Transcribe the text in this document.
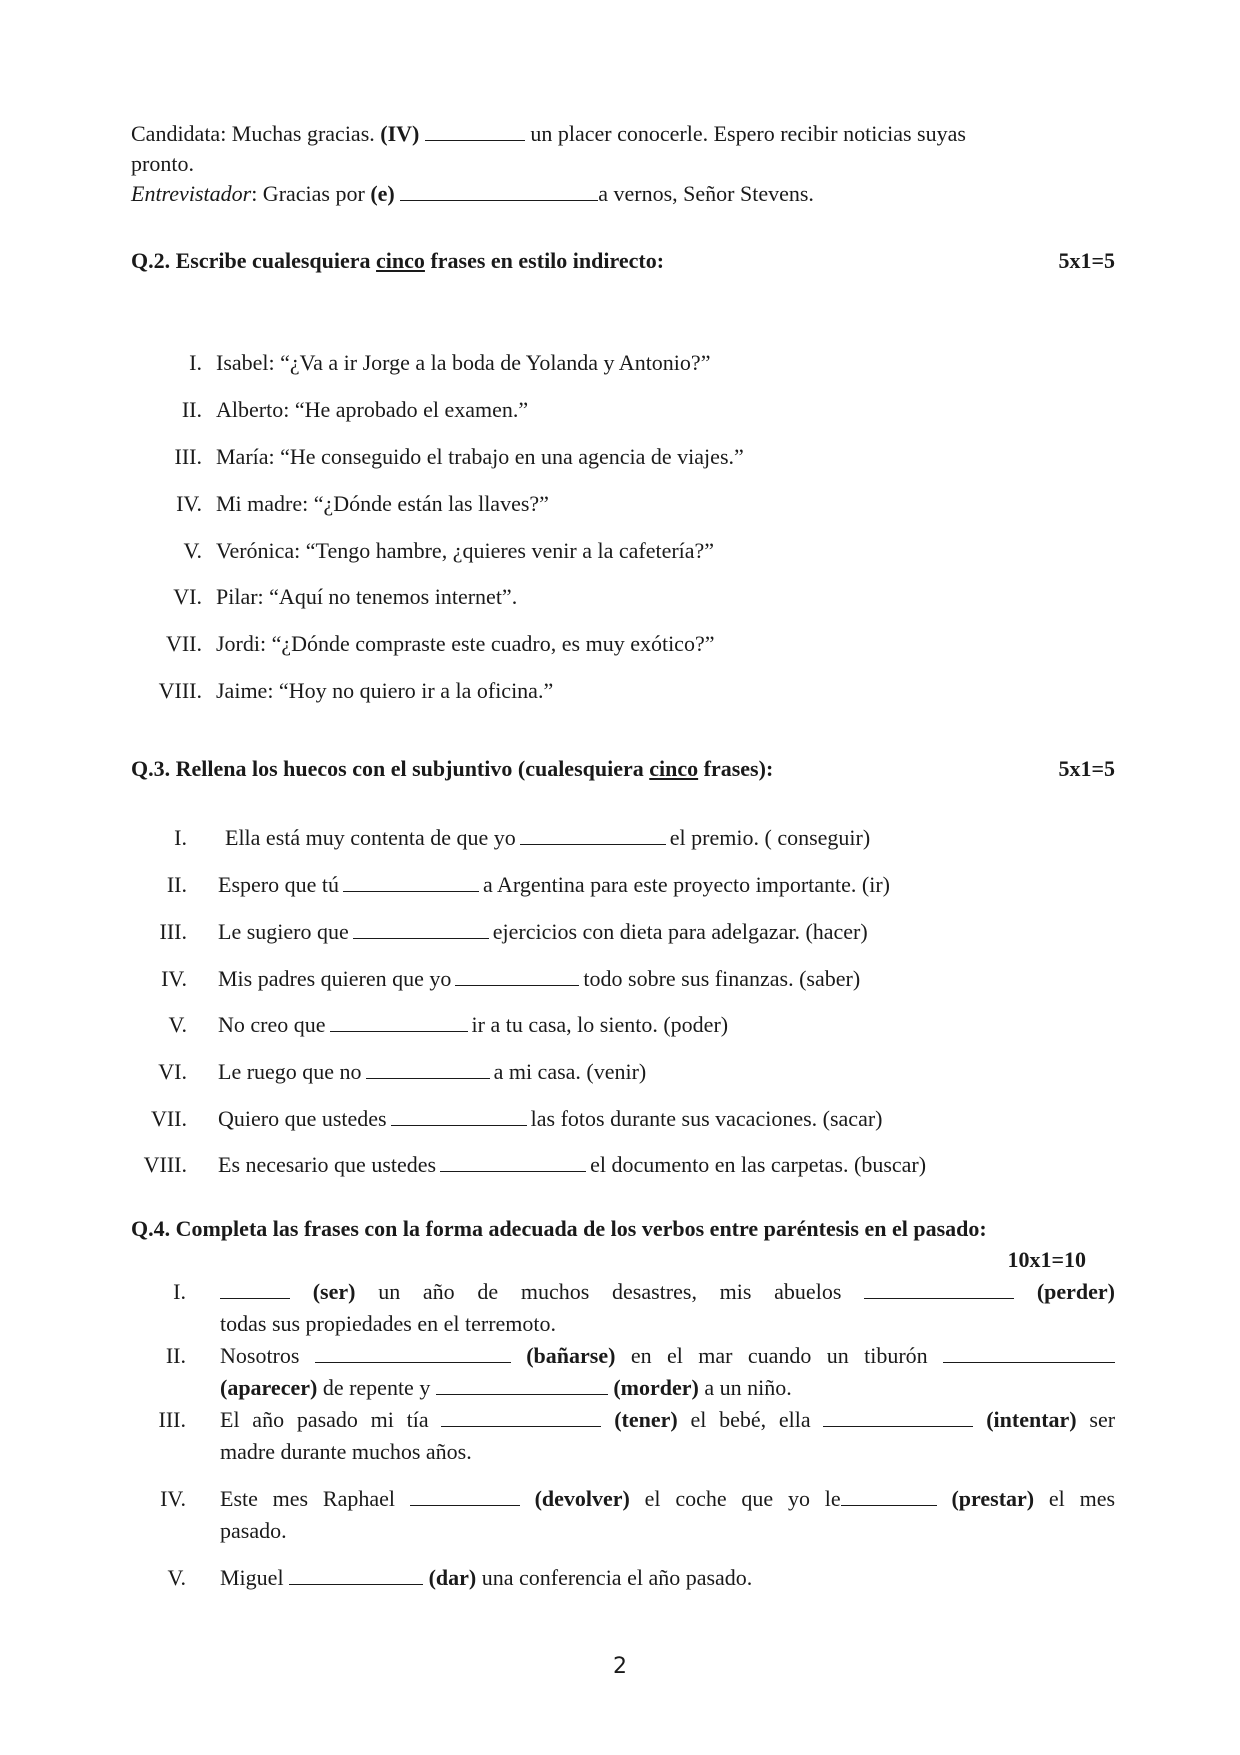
Candidata: Muchas gracias. (IV)	un placer conocerle. Espero recibir noticias suyas
pronto.
Entrevistador: Gracias por (e)	a vernos, Señor Stevens.
Q.2. Escribe cualesquiera cinco frases en estilo indirecto:	5x1=5
I. Isabel: “¿Va a ir Jorge a la boda de Yolanda y Antonio?”
II. Alberto: “He aprobado el examen.”
III. María: “He conseguido el trabajo en una agencia de viajes.”
IV. Mi madre: “¿Dónde están las llaves?”
V. Verónica: “Tengo hambre, ¿quieres venir a la cafetería?”
VI. Pilar: “Aquí no tenemos internet”.
VII. Jordi: “¿Dónde compraste este cuadro, es muy exótico?”
VIII. Jaime: “Hoy no quiero ir a la oficina.”
Q.3. Rellena los huecos con el subjuntivo (cualesquiera cinco frases):	5x1=5
I. Ella está muy contenta de que yo	el premio. ( conseguir)
II. Espero que tú	a Argentina para este proyecto importante. (ir)
III. Le sugiero que	ejercicios con dieta para adelgazar. (hacer)
IV. Mis padres quieren que yo	todo sobre sus finanzas. (saber)
V. No creo que	ir a tu casa, lo siento. (poder)
VI. Le ruego que no	a mi casa. (venir)
VII. Quiero que ustedes	las fotos durante sus vacaciones. (sacar)
VIII. Es necesario que ustedes	el documento en las carpetas. (buscar)
Q.4. Completa las frases con la forma adecuada de los verbos entre paréntesis en el pasado:
10x1=10
I.	(ser) un año de muchos desastres, mis abuelos	(perder)
todas sus propiedades en el terremoto.
II. Nosotros	(bañarse) en el mar cuando un tiburón
(aparecer) de repente y	(morder) a un niño.
III. El año pasado mi tía	(tener) el bebé, ella	(intentar) ser
madre durante muchos años.
IV. Este mes Raphael	(devolver) el coche que yo le	(prestar) el mes
pasado.
V. Miguel	(dar) una conferencia el año pasado.
2
